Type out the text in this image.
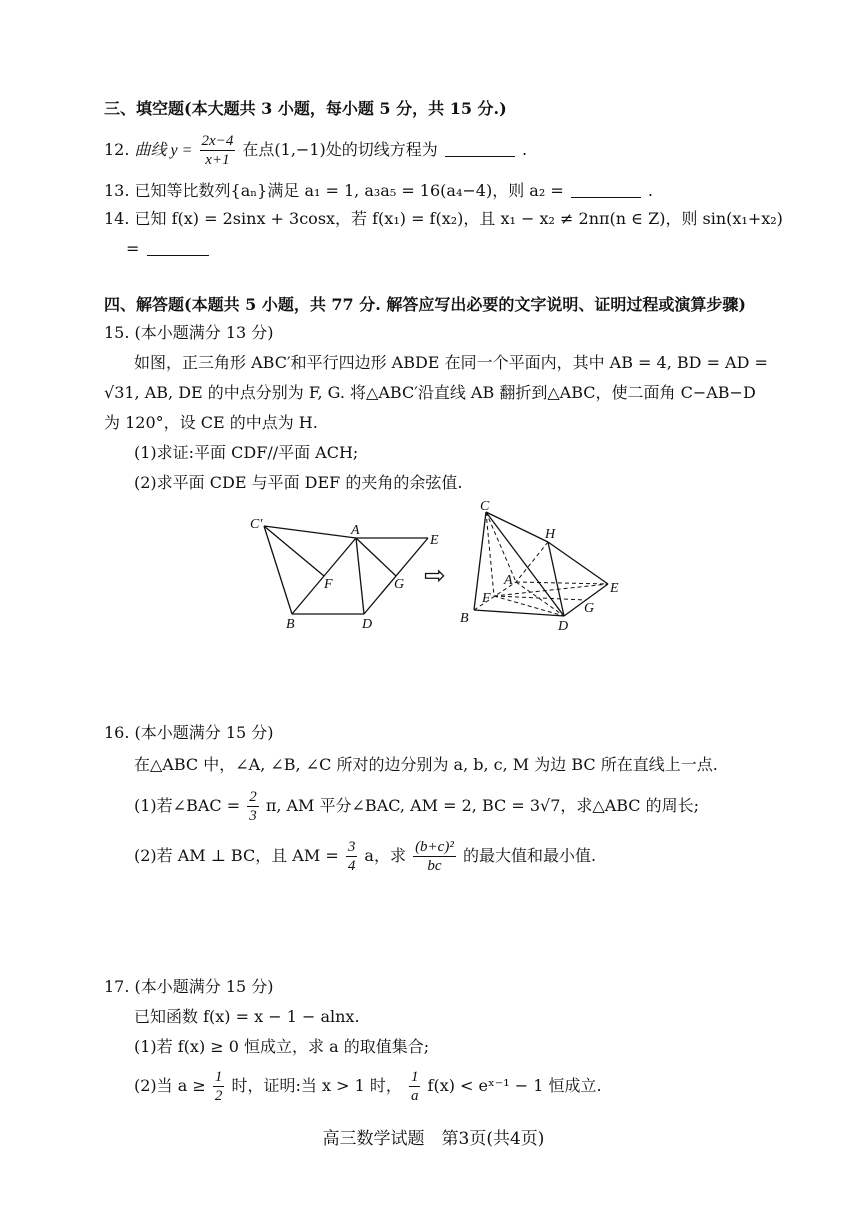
三、填空题(本大题共 3 小题，每小题 5 分，共 15 分.)
12. 曲线 $y = \frac{2x-4}{x+1}$ 在点(1,−1)处的切线方程为	.
13. 已知等比数列{aₙ}满足 a₁ = 1, a₃a₅ = 16(a₄−4)，则 a₂ =	.
14. 已知 f(x) = 2sinx + 3cosx，若 f(x₁) = f(x₂)，且 x₁ − x₂ ≠ 2nπ(n ∈ Z)，则 sin(x₁+x₂)
=
四、解答题(本题共 5 小题，共 77 分. 解答应写出必要的文字说明、证明过程或演算步骤)
15. (本小题满分 13 分)
如图，正三角形 ABC′和平行四边形 ABDE 在同一个平面内，其中 AB = 4, BD = AD =
√31, AB, DE 的中点分别为 F, G. 将△ABC′沿直线 AB 翻折到△ABC，使二面角 C−AB−D
为 120°，设 CE 的中点为 H.
(1)求证:平面 CDF//平面 ACH;
(2)求平面 CDE 与平面 DEF 的夹角的余弦值.
C′	A
E
F	G
B	D
⇨
C
H
A
E
F
G
B
D
16. (本小题满分 15 分)
在△ABC 中，∠A, ∠B, ∠C 所对的边分别为 a, b, c, M 为边 BC 所在直线上一点.
(1)若∠BAC = $\frac{2}{3} \pi$, AM 平分∠BAC, AM = 2, BC = 3√7，求△ABC 的周长;
(2)若 AM ⊥ BC，且 AM = $\frac{3}{4}$ a，求 $\frac{\text{(b+c)²}}{bc}$ 的最大值和最小值.
17. (本小题满分 15 分)
已知函数 f(x) = x − 1 − alnx.
(1)若 f(x) ≥ 0 恒成立，求 a 的取值集合;
(2)当 $a \ge \frac{1}{2}$ 时，证明:当 x > 1 时， $\frac{1}{a} f(x)$ < eˣ⁻¹ − 1 恒成立.
高三数学试题　第3页(共4页)
